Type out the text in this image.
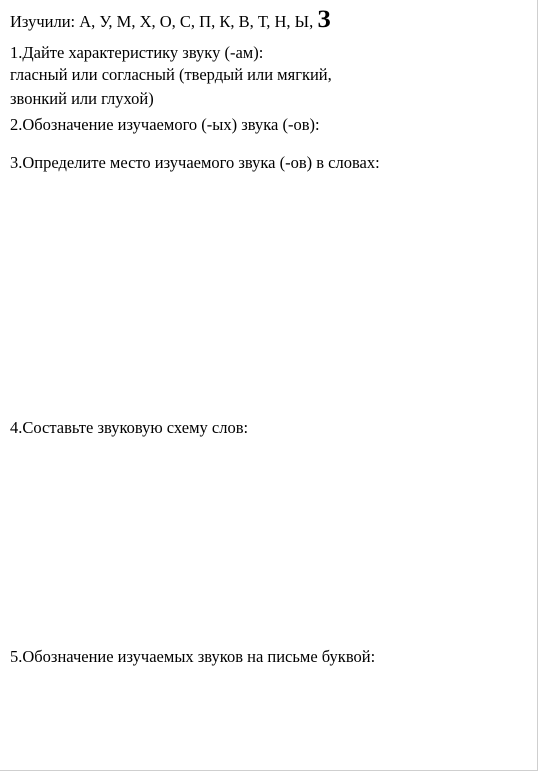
Изучили: А, У, М, Х, О, С, П, К, В, Т, Н, Ы, З
1.Дайте характеристику звуку (-ам):
гласный или согласный (твердый или мягкий,
звонкий или глухой)
2.Обозначение изучаемого (-ых) звука (-ов):
3.Определите место изучаемого звука (-ов) в словах:
4.Составьте звуковую схему слов:
5.Обозначение изучаемых звуков на письме буквой:
